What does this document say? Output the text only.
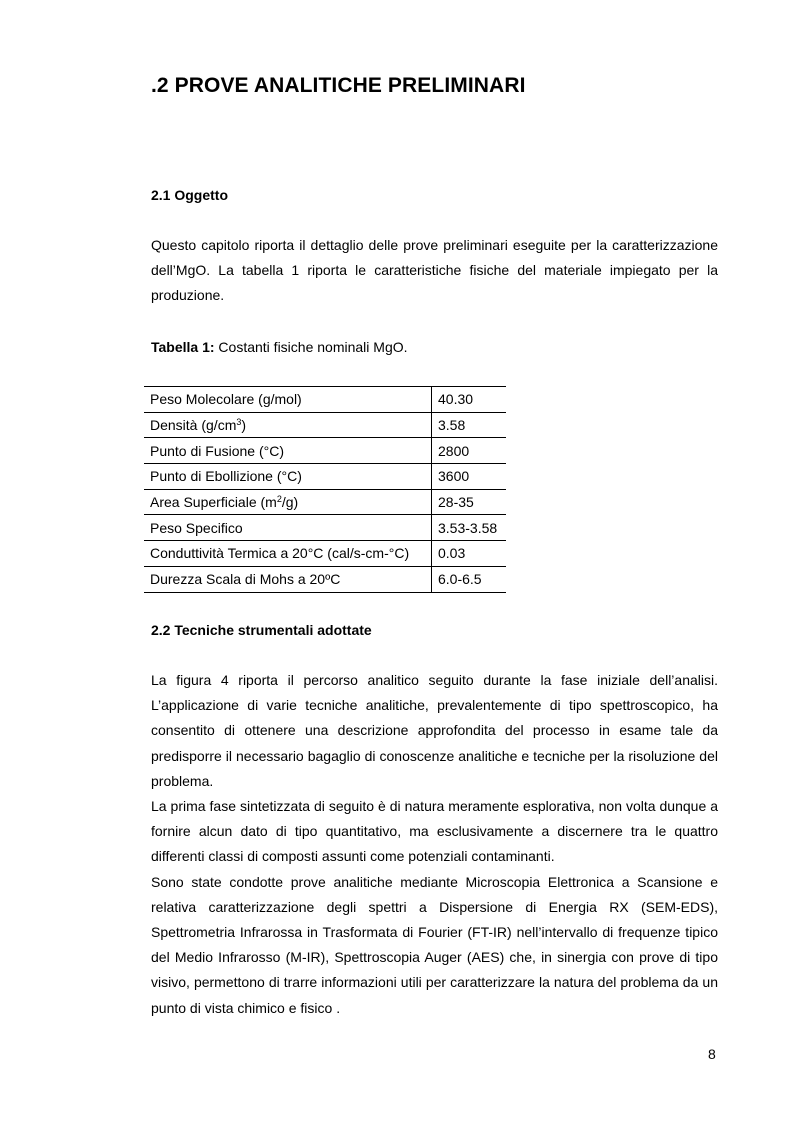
.2 PROVE ANALITICHE PRELIMINARI
2.1 Oggetto

Questo capitolo riporta il dettaglio delle prove preliminari eseguite per la caratterizzazione dell’MgO. La tabella 1 riporta le caratteristiche fisiche del materiale impiegato per la produzione.

Tabella 1: Costanti fisiche nominali MgO.

Peso Molecolare (g/mol)	40.30
Densità $(g/cm^3)$	3.58
Punto di Fusione (°C)	2800
Punto di Ebollizione (°C)	3600
Area Superficiale $(m^2/g)$	28-35
Peso Specifico	3.53-3.58
Conduttività Termica a 20°C (cal/s-cm-°C)	0.03
Durezza Scala di Mohs a 20ºC	6.0-6.5
2.2 Tecniche strumentali adottate

La figura 4 riporta il percorso analitico seguito durante la fase iniziale dell’analisi. L’applicazione di varie tecniche analitiche, prevalentemente di tipo spettroscopico, ha consentito di ottenere una descrizione approfondita del processo in esame tale da predisporre il necessario bagaglio di conoscenze analitiche e tecniche per la risoluzione del problema.

La prima fase sintetizzata di seguito è di natura meramente esplorativa, non volta dunque a fornire alcun dato di tipo quantitativo, ma esclusivamente a discernere tra le quattro differenti classi di composti assunti come potenziali contaminanti.

Sono state condotte prove analitiche mediante Microscopia Elettronica a Scansione e relativa caratterizzazione degli spettri a Dispersione di Energia RX (SEM-EDS), Spettrometria Infrarossa in Trasformata di Fourier (FT-IR) nell’intervallo di frequenze tipico del Medio Infrarosso (M-IR), Spettroscopia Auger (AES) che, in sinergia con prove di tipo visivo, permettono di trarre informazioni utili per caratterizzare la natura del problema da un punto di vista chimico e fisico .

8
